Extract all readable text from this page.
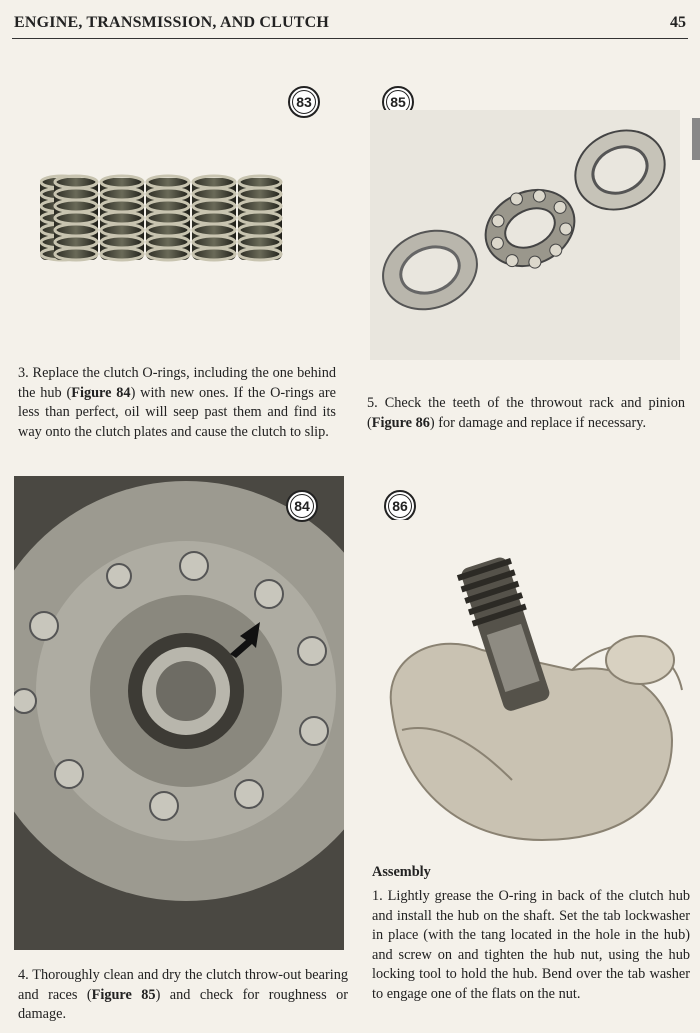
ENGINE, TRANSMISSION, AND CLUTCH	45
83	85
3. Replace the clutch O-rings, including the one behind the hub (Figure 84) with new ones. If the O-rings are less than perfect, oil will seep past them and find its way onto the clutch plates and cause the clutch to slip.
5. Check the teeth of the throwout rack and pinion (Figure 86) for damage and replace if necessary.
84	86
Assembly
1. Lightly grease the O-ring in back of the clutch hub and install the hub on the shaft. Set the tab lockwasher in place (with the tang located in the hole in the hub) and screw on and tighten the hub nut, using the hub locking tool to hold the hub. Bend over the tab washer to engage one of the flats on the nut.
4. Thoroughly clean and dry the clutch throw-out bearing and races (Figure 85) and check for roughness or damage.
